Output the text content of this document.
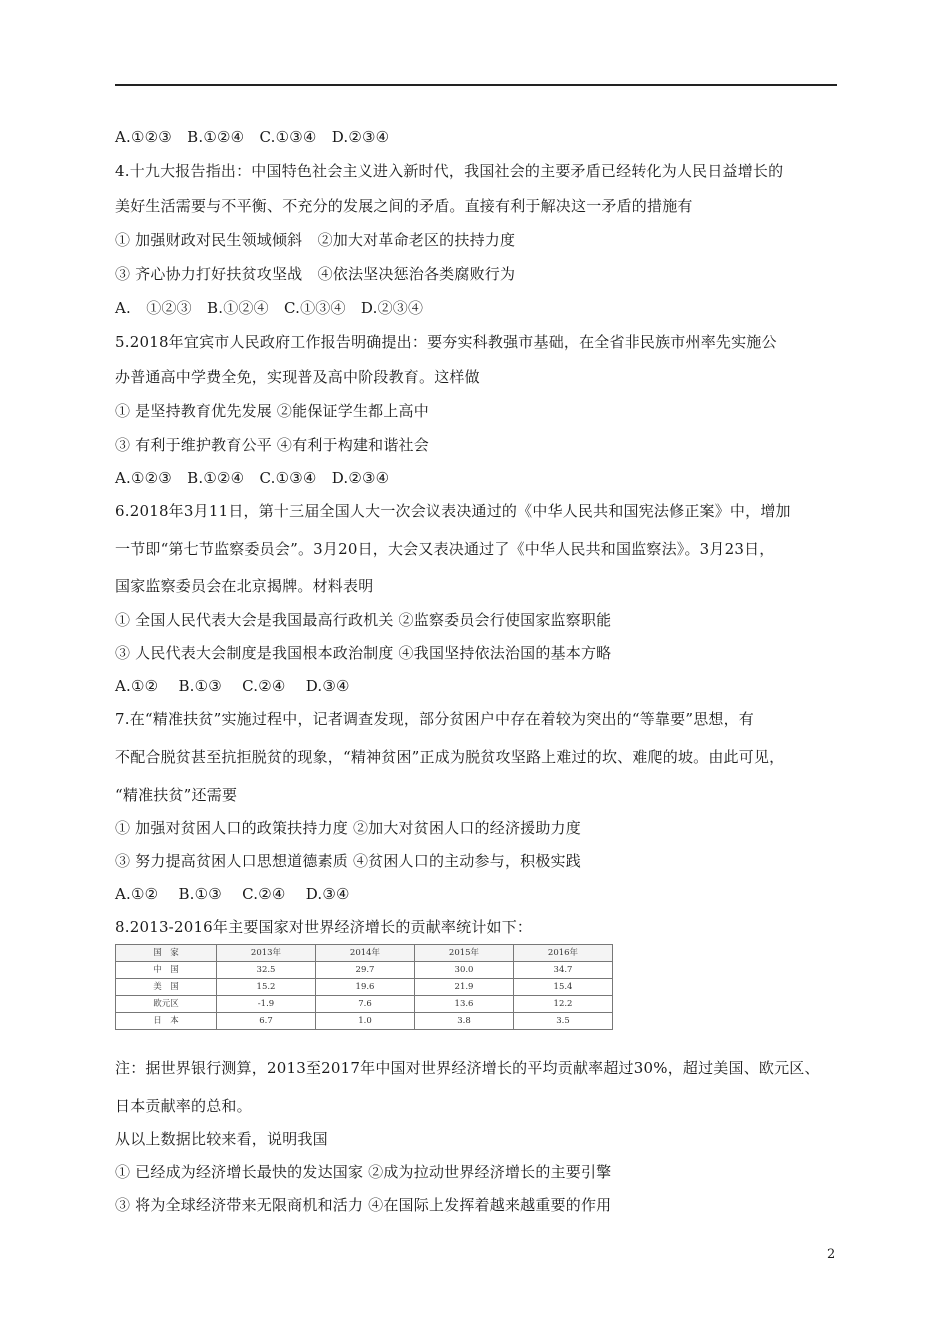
A.①②③　B.①②④　C.①③④　D.②③④
4.十九大报告指出：中国特色社会主义进入新时代，我国社会的主要矛盾已经转化为人民日益增长的
美好生活需要与不平衡、不充分的发展之间的矛盾。直接有利于解决这一矛盾的措施有
① 加强财政对民生领域倾斜　②加大对革命老区的扶持力度
③ 齐心协力打好扶贫攻坚战　④依法坚决惩治各类腐败行为
A.　①②③　B.①②④　C.①③④　D.②③④
5.2018年宜宾市人民政府工作报告明确提出：要夯实科教强市基础，在全省非民族市州率先实施公
办普通高中学费全免，实现普及高中阶段教育。这样做
① 是坚持教育优先发展 ②能保证学生都上高中
③ 有利于维护教育公平 ④有利于构建和谐社会
A.①②③　B.①②④　C.①③④　D.②③④
6.2018年3月11日，第十三届全国人大一次会议表决通过的《中华人民共和国宪法修正案》中，增加
一节即“第七节监察委员会”。3月20日，大会又表决通过了《中华人民共和国监察法》。3月23日，
国家监察委员会在北京揭牌。材料表明
① 全国人民代表大会是我国最高行政机关 ②监察委员会行使国家监察职能
③ 人民代表大会制度是我国根本政治制度 ④我国坚持依法治国的基本方略
A.①②　 B.①③　 C.②④　 D.③④
7.在“精准扶贫”实施过程中，记者调查发现，部分贫困户中存在着较为突出的“等靠要”思想，有
不配合脱贫甚至抗拒脱贫的现象，“精神贫困”正成为脱贫攻坚路上难过的坎、难爬的坡。由此可见，
“精准扶贫”还需要
① 加强对贫困人口的政策扶持力度 ②加大对贫困人口的经济援助力度
③ 努力提高贫困人口思想道德素质 ④贫困人口的主动参与，积极实践
A.①②　 B.①③　 C.②④　 D.③④
8.2013-2016年主要国家对世界经济增长的贡献率统计如下：
国　家	2013年	2014年	2015年	2016年
中　国	32.5	29.7	30.0	34.7
美　国	15.2	19.6	21.9	15.4
欧元区	-1.9	7.6	13.6	12.2
日　本	6.7	1.0	3.8	3.5
注：据世界银行测算，2013至2017年中国对世界经济增长的平均贡献率超过30%，超过美国、欧元区、
日本贡献率的总和。
从以上数据比较来看，说明我国
① 已经成为经济增长最快的发达国家 ②成为拉动世界经济增长的主要引擎
③ 将为全球经济带来无限商机和活力 ④在国际上发挥着越来越重要的作用
2
